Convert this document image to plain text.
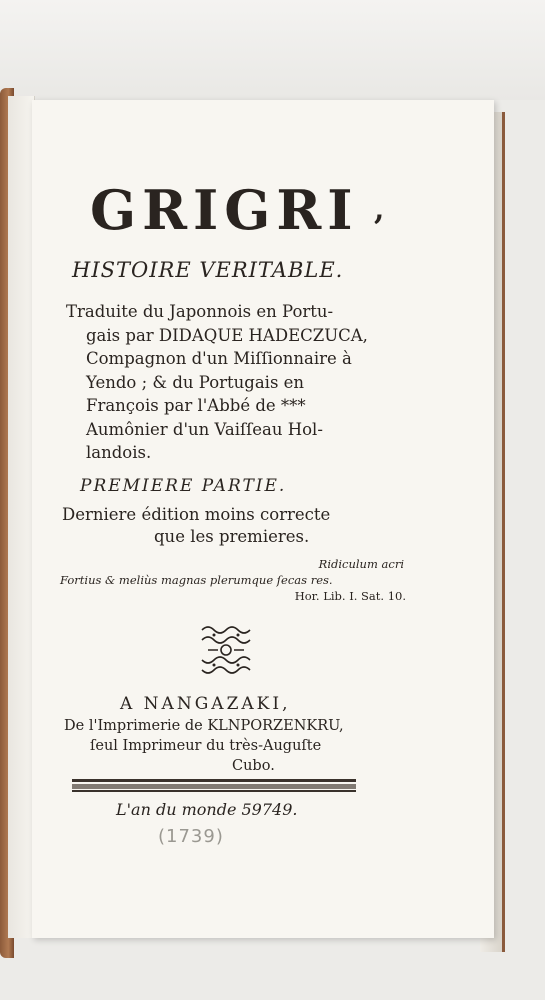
GRIGRI ,
HISTOIRE VERITABLE.
Traduite du Japonnois en Portu-

gais par DIDAQUE HADECZUCA,
Compagnon d'un Miſſionnaire à
Yendo ; & du Portugais en
François par l'Abbé de ***
Aumônier d'un Vaiſſeau Hol-
landois.
PREMIERE PARTIE.
Derniere édition moins correcte

que les premieres.
Ridiculum acri
Fortius & meliùs magnas plerumque ſecas res.
Hor. Lib. I. Sat. 10.
A NANGAZAKI,
De l'Imprimerie de KLNPORZENKRU,

ſeul Imprimeur du très-Auguſte
Cubo.
L'an du monde 59749.
(1739)
